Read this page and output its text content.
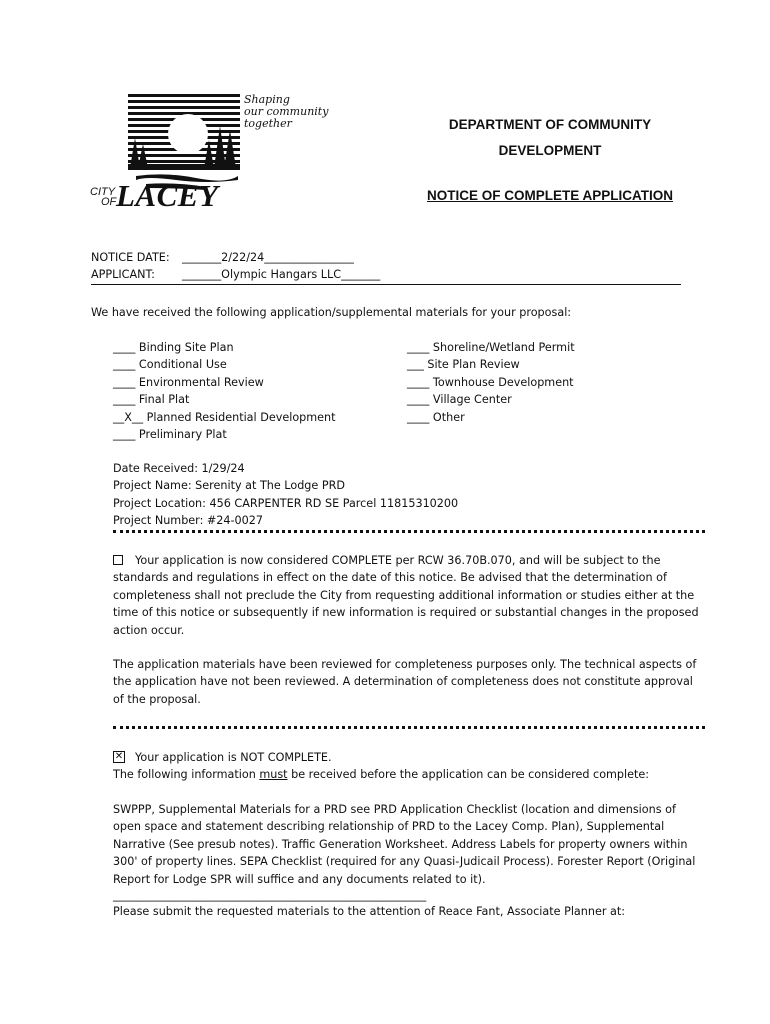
Shaping
our community
together
CITY
OF LACEY
DEPARTMENT OF COMMUNITY
DEVELOPMENT
NOTICE OF COMPLETE APPLICATION
NOTICE DATE: _______2/22/24________________
APPLICANT: _______Olympic Hangars LLC_______
We have received the following application/supplemental materials for your proposal:
____ Binding Site Plan
____ Conditional Use
____ Environmental Review
____ Final Plat
__X__ Planned Residential Development
____ Preliminary Plat
____ Shoreline/Wetland Permit
___ Site Plan Review
____ Townhouse Development
____ Village Center
____ Other
Date Received: 1/29/24
Project Name: Serenity at The Lodge PRD
Project Location: 456 CARPENTER RD SE Parcel 11815310200
Project Number: #24-0027
Your application is now considered COMPLETE per RCW 36.70B.070, and will be subject to the
standards and regulations in effect on the date of this notice. Be advised that the determination of
completeness shall not preclude the City from requesting additional information or studies either at the
time of this notice or subsequently if new information is required or substantial changes in the proposed
action occur.
The application materials have been reviewed for completeness purposes only. The technical aspects of
the application have not been reviewed. A determination of completeness does not constitute approval
of the proposal.
✕ Your application is NOT COMPLETE.
The following information must be received before the application can be considered complete:
SWPPP, Supplemental Materials for a PRD see PRD Application Checklist (location and dimensions of
open space and statement describing relationship of PRD to the Lacey Comp. Plan), Supplemental
Narrative (See presub notes). Traffic Generation Worksheet. Address Labels for property owners within
300' of property lines. SEPA Checklist (required for any Quasi-Judicail Process). Forester Report (Original
Report for Lodge SPR will suffice and any documents related to it).
________________________________________________________
Please submit the requested materials to the attention of Reace Fant, Associate Planner at:
